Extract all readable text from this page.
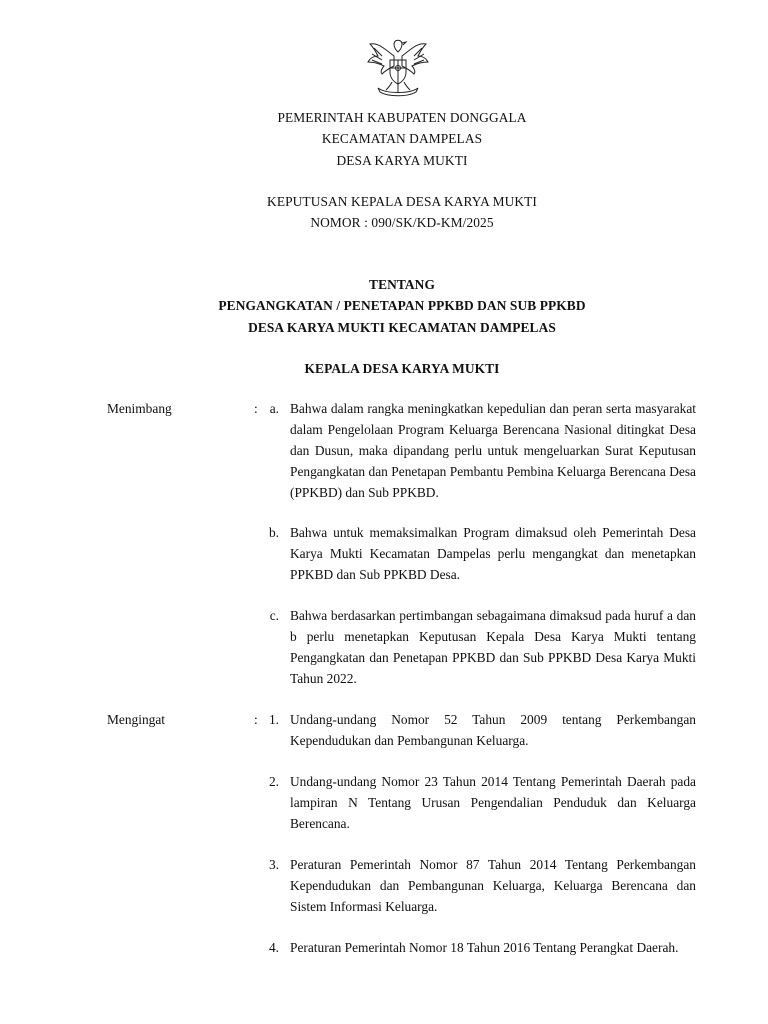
PEMERINTAH KABUPATEN DONGGALA
KECAMATAN DAMPELAS
DESA KARYA MUKTI
KEPUTUSAN KEPALA DESA KARYA MUKTI
NOMOR : 090/SK/KD-KM/2025
TENTANG
PENGANGKATAN / PENETAPAN PPKBD DAN SUB PPKBD
DESA KARYA MUKTI KECAMATAN DAMPELAS
KEPALA DESA KARYA MUKTI
Menimbang	: a. Bahwa dalam rangka meningkatkan kepedulian dan peran serta masyarakat dalam Pengelolaan Program Keluarga Berencana Nasional ditingkat Desa dan Dusun, maka dipandang perlu untuk mengeluarkan Surat Keputusan Pengangkatan dan Penetapan Pembantu Pembina Keluarga Berencana Desa (PPKBD) dan Sub PPKBD.
b. Bahwa untuk memaksimalkan Program dimaksud oleh Pemerintah Desa Karya Mukti Kecamatan Dampelas perlu mengangkat dan menetapkan PPKBD dan Sub PPKBD Desa.
c. Bahwa berdasarkan pertimbangan sebagaimana dimaksud pada huruf a dan b perlu menetapkan Keputusan Kepala Desa Karya Mukti tentang Pengangkatan dan Penetapan PPKBD dan Sub PPKBD Desa Karya Mukti Tahun 2022.
Mengingat	: 1. Undang-undang Nomor 52 Tahun 2009 tentang Perkembangan Kependudukan dan Pembangunan Keluarga.
2. Undang-undang Nomor 23 Tahun 2014 Tentang Pemerintah Daerah pada lampiran N Tentang Urusan Pengendalian Penduduk dan Keluarga Berencana.
3. Peraturan Pemerintah Nomor 87 Tahun 2014 Tentang Perkembangan Kependudukan dan Pembangunan Keluarga, Keluarga Berencana dan Sistem Informasi Keluarga.
4. Peraturan Pemerintah Nomor 18 Tahun 2016 Tentang Perangkat Daerah.
